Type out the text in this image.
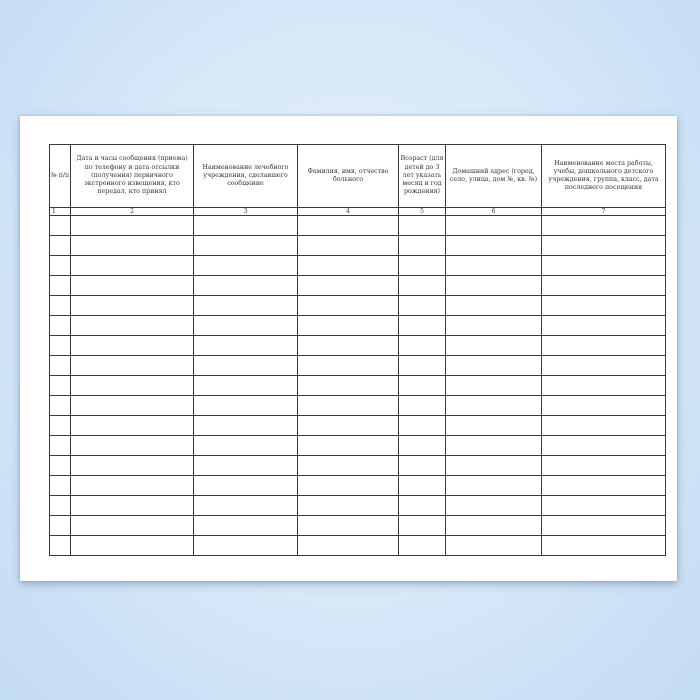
№ п/п	Дата и часы сообщения (приема) по телефону и дата отсылки (получения) первичного экстренного извещения, кто передал, кто принял	Наименование лечебного учреждения, сделавшего сообщение	Фамилия, имя, отчество больного	Возраст (для детей до 3 лет указать месяц и год рождения)	Домашний адрес (город, село, улица, дом №, кв. №)	Наименование места работы, учебы, дошкольного детского учреждения, группа, класс, дата последнего посещения
1	2	3	4	5	6	7
